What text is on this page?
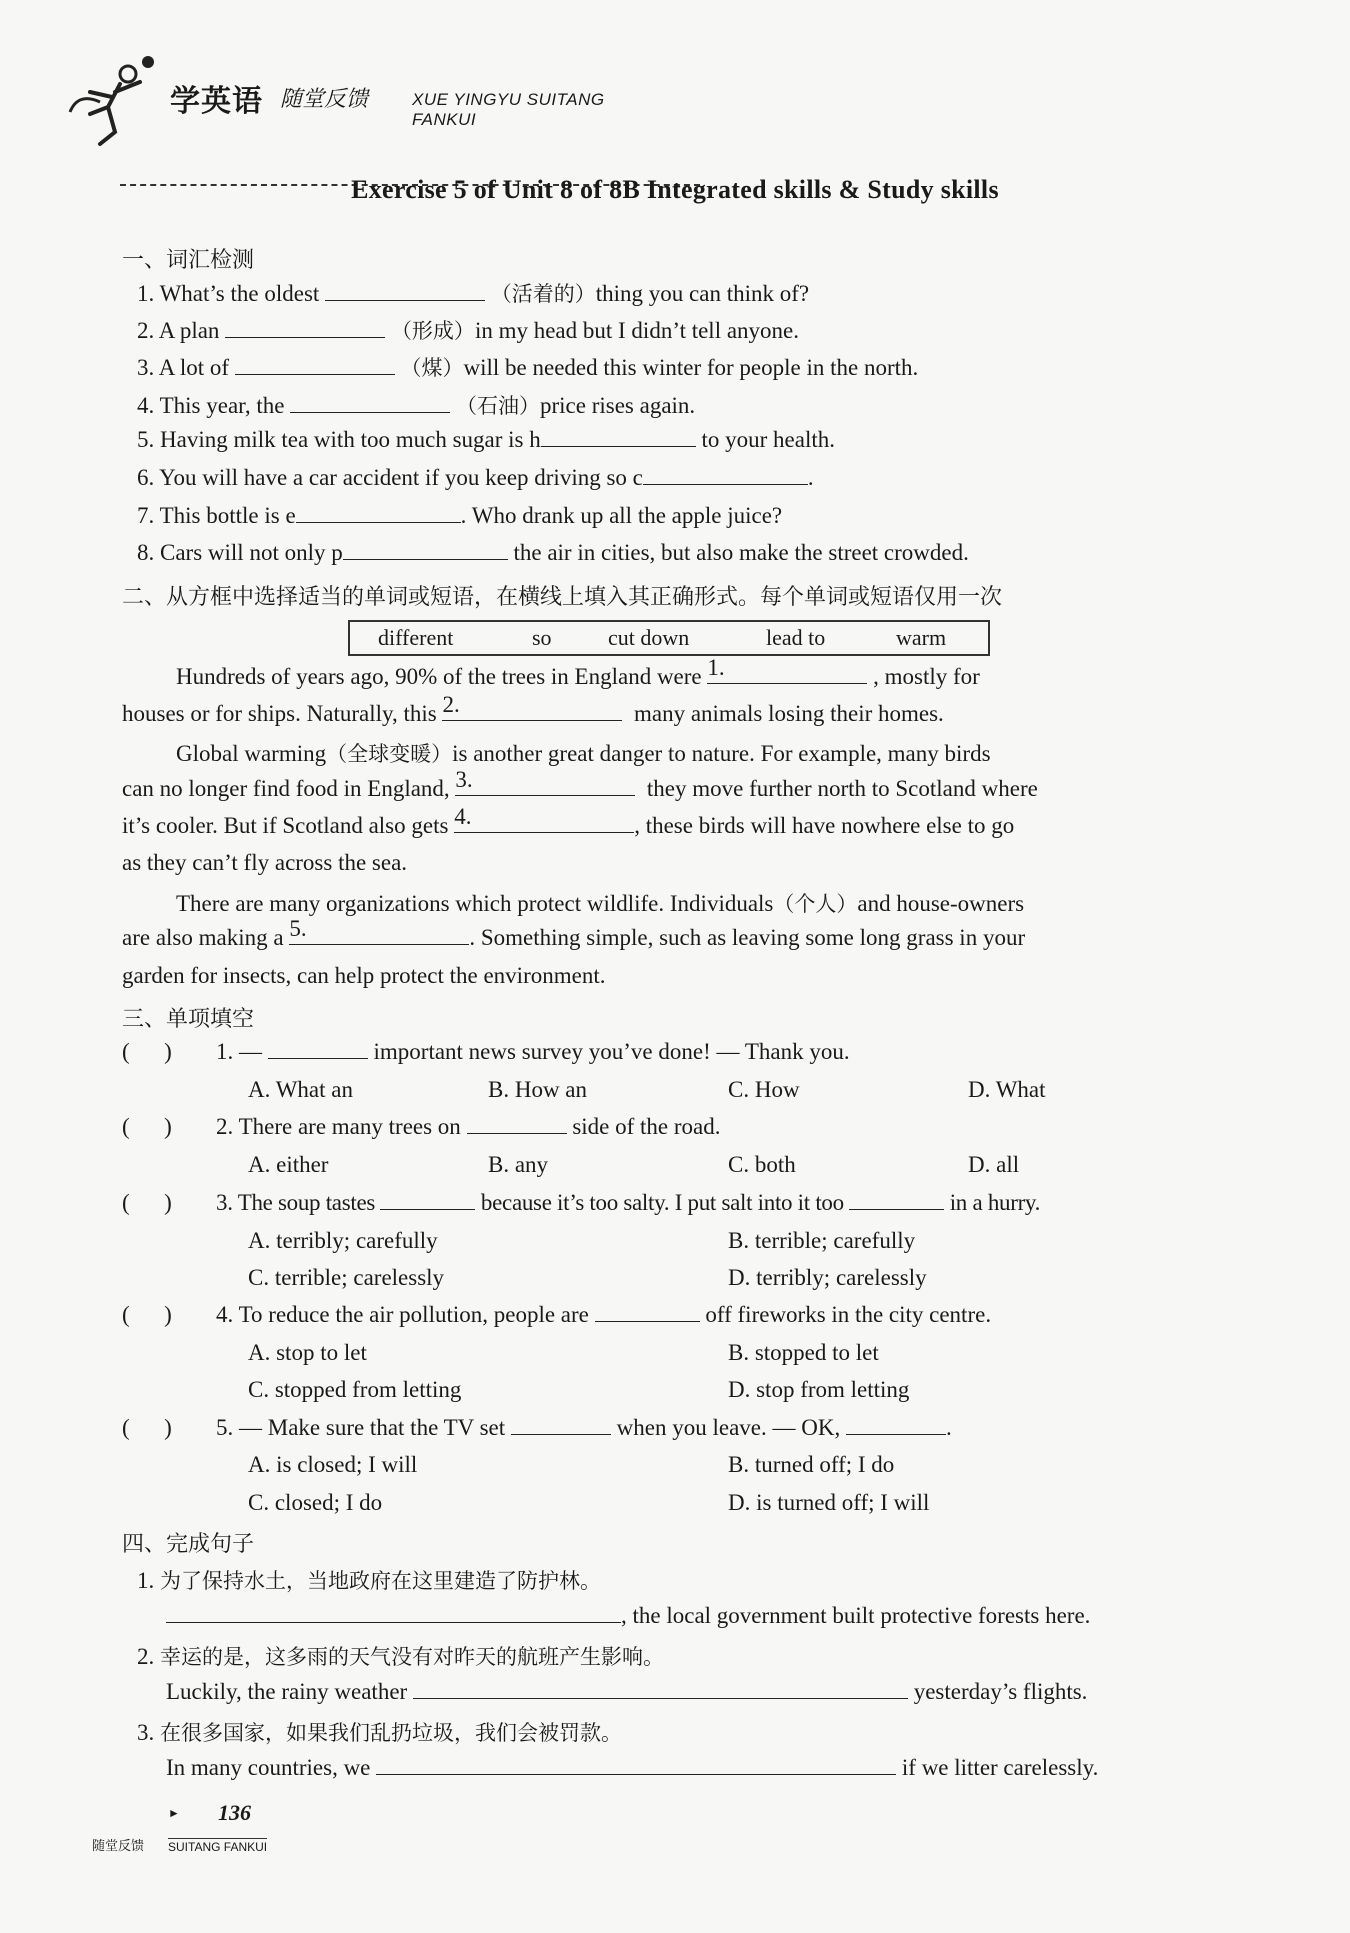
学英语 随堂反馈	XUE YINGYU SUITANG FANKUI
Exercise 5 of Unit 8 of 8B Integrated skills & Study skills
一、词汇检测
1. What’s the oldest	（活着的）thing you can think of?
2. A plan	（形成）in my head but I didn’t tell anyone.
3. A lot of	（煤）will be needed this winter for people in the north.
4. This year, the	（石油）price rises again.
5. Having milk tea with too much sugar is h	to your health.
6. You will have a car accident if you keep driving so c	.
7. This bottle is e	. Who drank up all the apple juice?
8. Cars will not only p	the air in cities, but also make the street crowded.
二、从方框中选择适当的单词或短语，在横线上填入其正确形式。每个单词或短语仅用一次
different	so	cut down	lead to	warm
Hundreds of years ago, 90% of the trees in England were 1.	, mostly for
houses or for ships. Naturally, this 2.	many animals losing their homes.
Global warming（全球变暖）is another great danger to nature. For example, many birds
can no longer find food in England, 3.	they move further north to Scotland where
it’s cooler. But if Scotland also gets 4.	, these birds will have nowhere else to go
as they can’t fly across the sea.
There are many organizations which protect wildlife. Individuals（个人）and house-owners
are also making a 5.	. Something simple, such as leaving some long grass in your
garden for insects, can help protect the environment.
三、单项填空
(      ) 1. —	important news survey you’ve done! — Thank you.
A. What an	B. How an	C. How	D. What
(      ) 2. There are many trees on	side of the road.
A. either	B. any	C. both	D. all
(      ) 3. The soup tastes	because it’s too salty. I put salt into it too	in a hurry.
A. terribly; carefully	B. terrible; carefully
C. terrible; carelessly	D. terribly; carelessly
(      ) 4. To reduce the air pollution, people are	off fireworks in the city centre.
A. stop to let	B. stopped to let
C. stopped from letting	D. stop from letting
(      ) 5. — Make sure that the TV set	when you leave. — OK,	.
A. is closed; I will	B. turned off; I do
C. closed; I do	D. is turned off; I will
四、完成句子
1. 为了保持水土，当地政府在这里建造了防护林。
, the local government built protective forests here.
2. 幸运的是，这多雨的天气没有对昨天的航班产生影响。
Luckily, the rainy weather	yesterday’s flights.
3. 在很多国家，如果我们乱扔垃圾，我们会被罚款。
In many countries, we	if we litter carelessly.
► 136
随堂反馈 SUITANG FANKUI
